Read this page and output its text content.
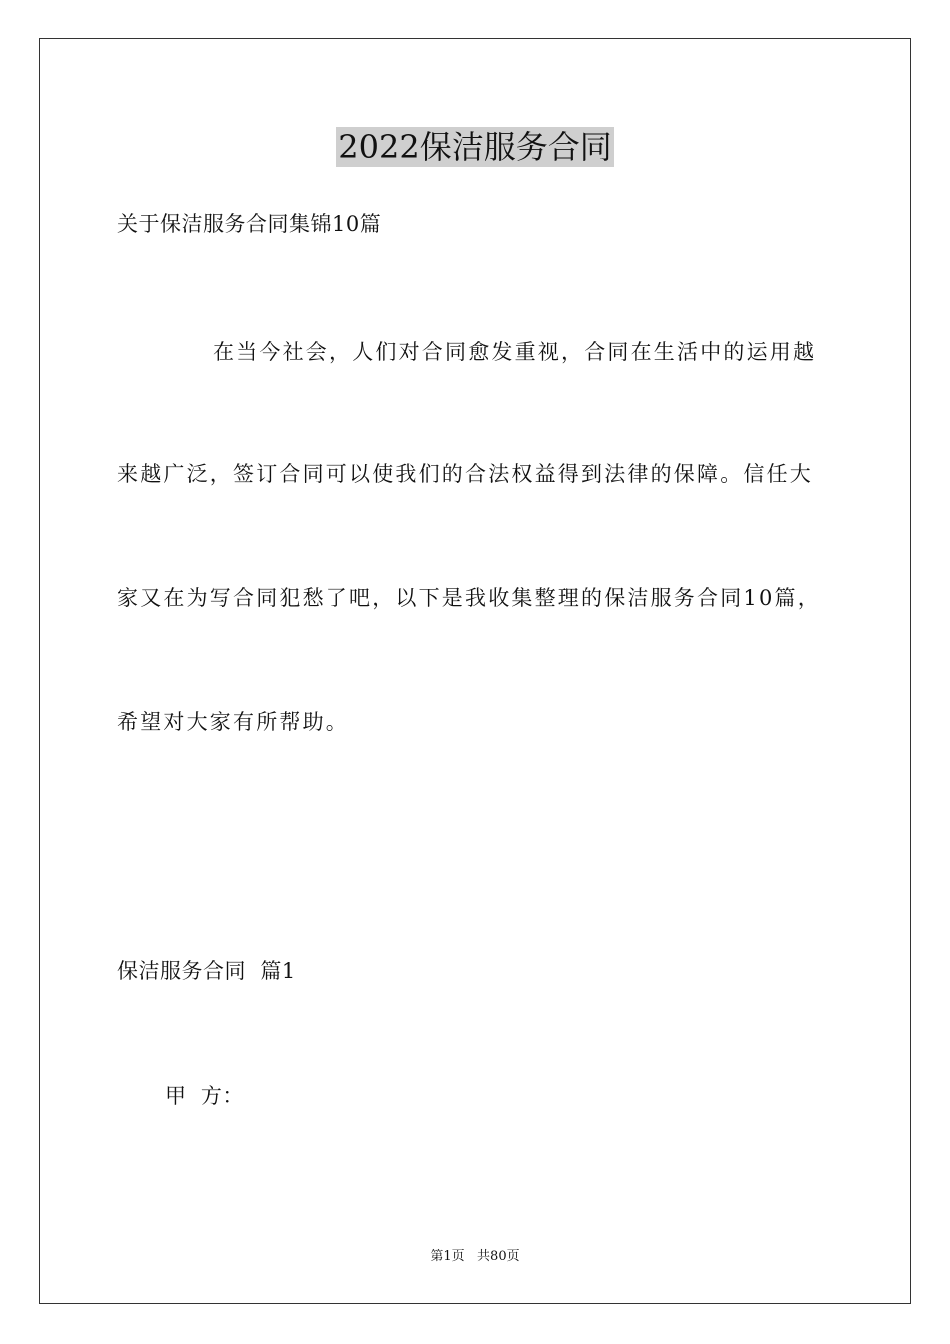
2022保洁服务合同
关于保洁服务合同集锦10篇
在当今社会，人们对合同愈发重视，合同在生活中的运用越
来越广泛，签订合同可以使我们的合法权益得到法律的保障。信任大
家又在为写合同犯愁了吧，以下是我收集整理的保洁服务合同10篇，
希望对大家有所帮助。
保洁服务合同  篇1
甲  方：
第1页   共80页
